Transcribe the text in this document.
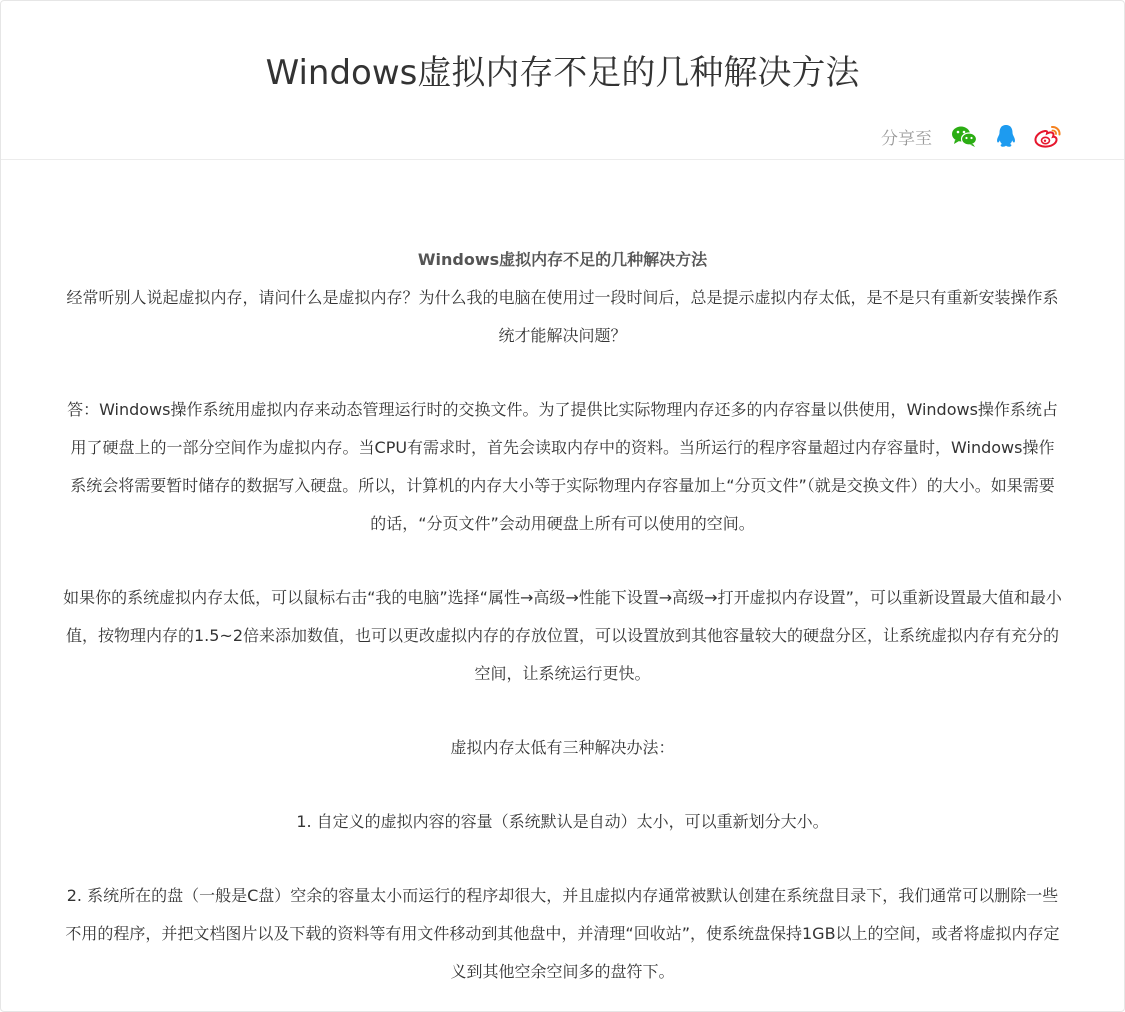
Windows虚拟内存不足的几种解决方法
分享至

Windows虚拟内存不足的几种解决方法

经常听别人说起虚拟内存，请问什么是虚拟内存？为什么我的电脑在使用过一段时间后，总是提示虚拟内存太低，是不是只有重新安装操作系统才能解决问题？

答：Windows操作系统用虚拟内存来动态管理运行时的交换文件。为了提供比实际物理内存还多的内存容量以供使用，Windows操作系统占用了硬盘上的一部分空间作为虚拟内存。当CPU有需求时，首先会读取内存中的资料。当所运行的程序容量超过内存容量时，Windows操作系统会将需要暂时储存的数据写入硬盘。所以，计算机的内存大小等于实际物理内存容量加上“分页文件”（就是交换文件）的大小。如果需要的话，“分页文件”会动用硬盘上所有可以使用的空间。

如果你的系统虚拟内存太低，可以鼠标右击“我的电脑”选择“属性→高级→性能下设置→高级→打开虚拟内存设置”，可以重新设置最大值和最小值，按物理内存的1.5~2倍来添加数值，也可以更改虚拟内存的存放位置，可以设置放到其他容量较大的硬盘分区，让系统虚拟内存有充分的空间，让系统运行更快。

虚拟内存太低有三种解决办法：

1. 自定义的虚拟内容的容量（系统默认是自动）太小，可以重新划分大小。

2. 系统所在的盘（一般是C盘）空余的容量太小而运行的程序却很大，并且虚拟内存通常被默认创建在系统盘目录下，我们通常可以删除一些不用的程序，并把文档图片以及下载的资料等有用文件移动到其他盘中，并清理“回收站”，使系统盘保持1GB以上的空间，或者将虚拟内存定义到其他空余空间多的盘符下。
